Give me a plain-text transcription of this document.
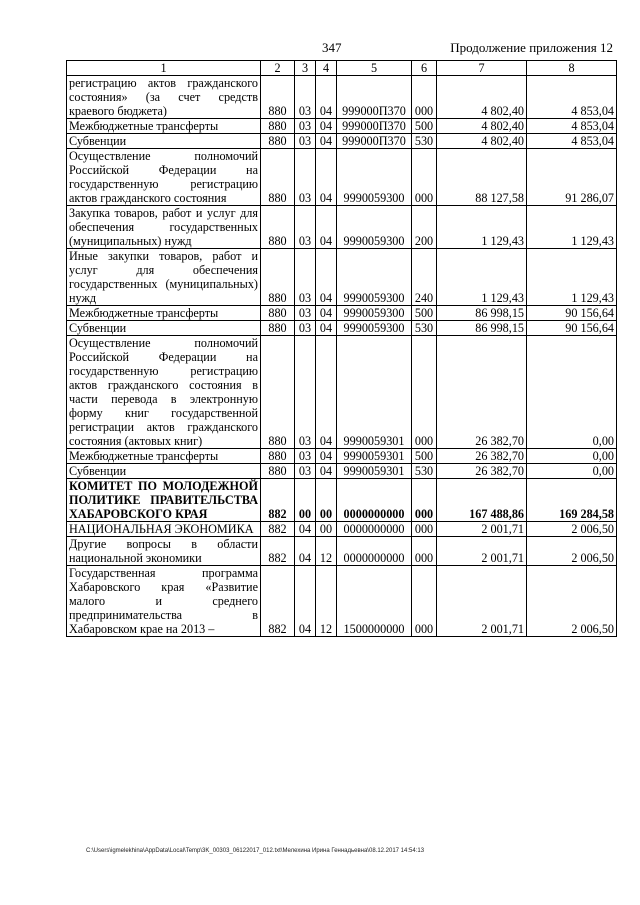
347	Продолжение приложения 12
1	2	3	4	5	6	7	8
регистрацию актов гражданского состояния» (за счет средств краевого бюджета)	880	03	04	999000П370	000	4 802,40	4 853,04
Межбюджетные трансферты	880	03	04	999000П370	500	4 802,40	4 853,04
Субвенции	880	03	04	999000П370	530	4 802,40	4 853,04
Осуществление полномочий Российской Федерации на государственную регистрацию актов гражданского состояния	880	03	04	9990059300	000	88 127,58	91 286,07
Закупка товаров, работ и услуг для обеспечения государственных (муниципальных) нужд	880	03	04	9990059300	200	1 129,43	1 129,43
Иные закупки товаров, работ и услуг для обеспечения государственных (муниципальных) нужд	880	03	04	9990059300	240	1 129,43	1 129,43
Межбюджетные трансферты	880	03	04	9990059300	500	86 998,15	90 156,64
Субвенции	880	03	04	9990059300	530	86 998,15	90 156,64
Осуществление полномочий Российской Федерации на государственную регистрацию актов гражданского состояния в части перевода в электронную форму книг государственной регистрации актов гражданского состояния (актовых книг)	880	03	04	9990059301	000	26 382,70	0,00
Межбюджетные трансферты	880	03	04	9990059301	500	26 382,70	0,00
Субвенции	880	03	04	9990059301	530	26 382,70	0,00
КОМИТЕТ ПО МОЛОДЕЖНОЙ ПОЛИТИКЕ ПРАВИТЕЛЬСТВА ХАБАРОВСКОГО КРАЯ	882	00	00	0000000000	000	167 488,86	169 284,58
НАЦИОНАЛЬНАЯ ЭКОНОМИКА	882	04	00	0000000000	000	2 001,71	2 006,50
Другие вопросы в области национальной экономики	882	04	12	0000000000	000	2 001,71	2 006,50
Государственная программа Хабаровского края «Развитие малого и среднего предпринимательства в Хабаровском крае на 2013 –	882	04	12	1500000000	000	2 001,71	2 006,50
C:\Users\igmelekhina\AppData\Local\Temp\3K_00303_06122017_012.txt\Мелехина Ирина Геннадьевна\08.12.2017 14:54:13
